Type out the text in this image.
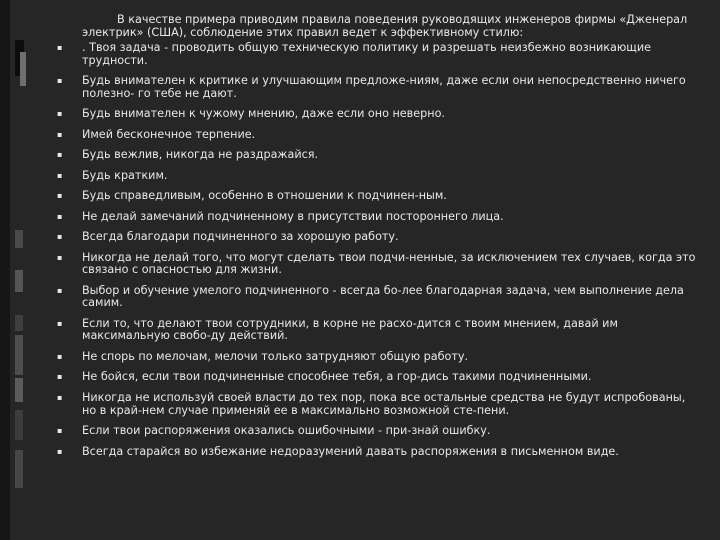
В качестве примера приводим правила поведения руководящих инженеров фирмы «Дженерал электрик» (США), соблюдение этих правил ведет к эффективному стилю:
▪ . Твоя задача - проводить общую техническую политику и разрешать неизбежно возникающие трудности.
▪ Будь внимателен к критике и улучшающим предложе-ниям, даже если они непосредственно ничего полезно- го тебе не дают.
▪ Будь внимателен к чужому мнению, даже если оно неверно.
▪ Имей бесконечное терпение.
▪ Будь вежлив, никогда не раздражайся.
▪ Будь кратким.
▪ Будь справедливым, особенно в отношении к подчинен-ным.
▪ Не делай замечаний подчиненному в присутствии постороннего лица.
▪ Всегда благодари подчиненного за хорошую работу.
▪ Никогда не делай того, что могут сделать твои подчи-ненные, за исключением тех случаев, когда это связано с опасностью для жизни.
▪ Выбор и обучение умелого подчиненного - всегда бо-лее благодарная задача, чем выполнение дела самим.
▪ Если то, что делают твои сотрудники, в корне не расхо-дится с твоим мнением, давай им максимальную свобо-ду действий.
▪ Не спорь по мелочам, мелочи только затрудняют общую работу.
▪ Не бойся, если твои подчиненные способнее тебя, а гор-дись такими подчиненными.
▪ Никогда не используй своей власти до тех пор, пока все остальные средства не будут испробованы, но в край-нем случае применяй ее в максимально возможной сте-пени.
▪ Если твои распоряжения оказались ошибочными - при-знай ошибку.
▪ Всегда старайся во избежание недоразумений давать распоряжения в письменном виде.
